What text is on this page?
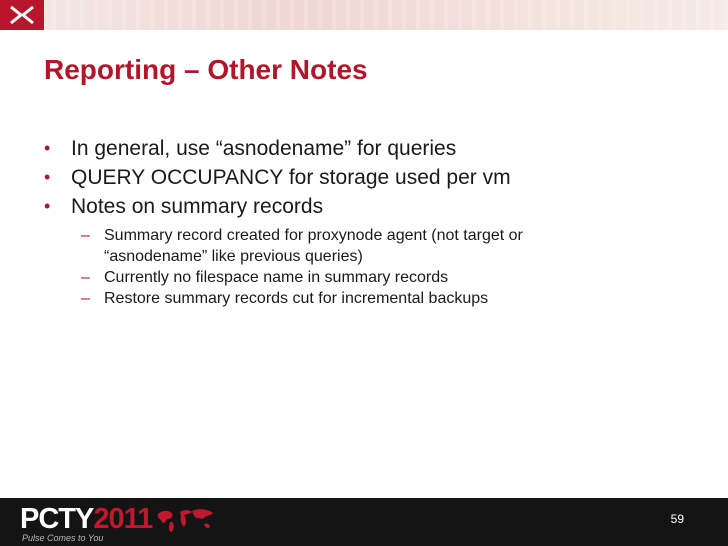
Reporting – Other Notes
• In general, use “asnodename” for queries
• QUERY OCCUPANCY for storage used per vm
• Notes on summary records
– Summary record created for proxynode agent (not target or “asnodename” like previous queries)
– Currently no filespace name in summary records
– Restore summary records cut for incremental backups
PCTY2011
Pulse Comes to You
59
